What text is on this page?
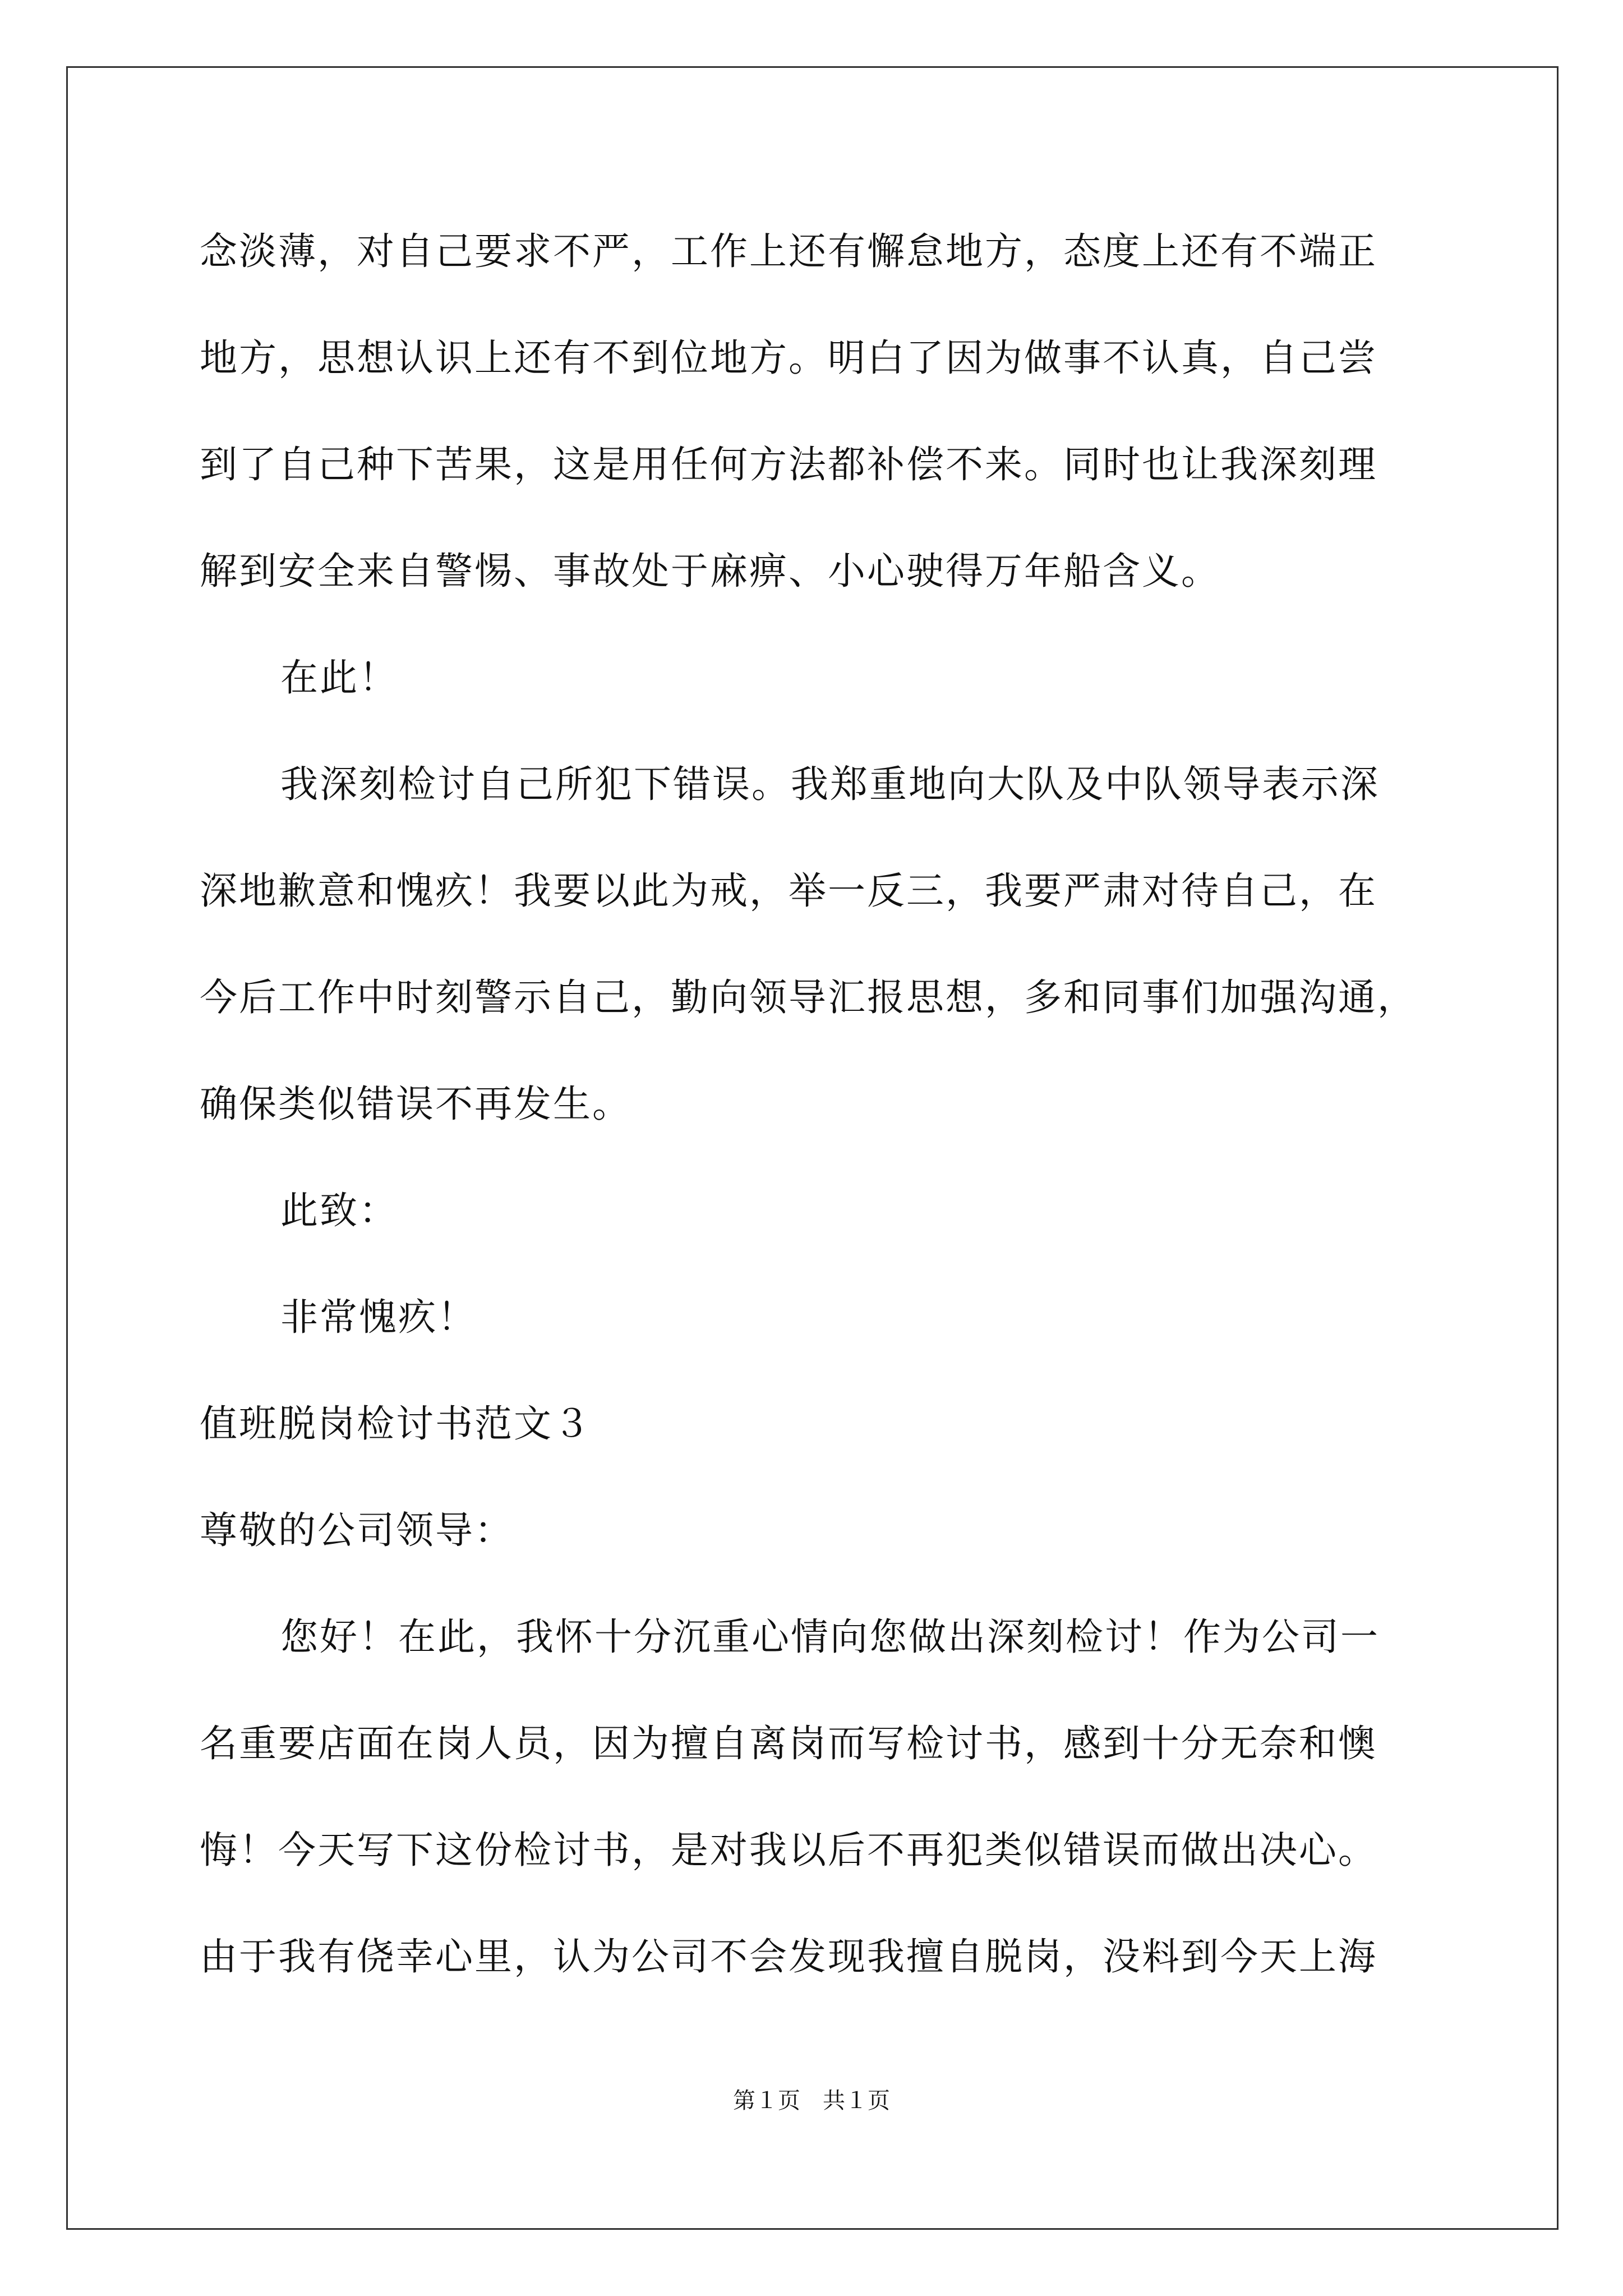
念淡薄，对自己要求不严，工作上还有懈怠地方，态度上还有不端正
地方，思想认识上还有不到位地方。明白了因为做事不认真，自己尝
到了自己种下苦果，这是用任何方法都补偿不来。同时也让我深刻理
解到安全来自警惕、事故处于麻痹、小心驶得万年船含义。
在此！
我深刻检讨自己所犯下错误。我郑重地向大队及中队领导表示深
深地歉意和愧疚！我要以此为戒，举一反三，我要严肃对待自己，在
今后工作中时刻警示自己，勤向领导汇报思想，多和同事们加强沟通，
确保类似错误不再发生。
此致：
非常愧疚！
值班脱岗检讨书范文３
尊敬的公司领导：
您好！在此，我怀十分沉重心情向您做出深刻检讨！作为公司一
名重要店面在岗人员，因为擅自离岗而写检讨书，感到十分无奈和懊
悔！今天写下这份检讨书，是对我以后不再犯类似错误而做出决心。
由于我有侥幸心里，认为公司不会发现我擅自脱岗，没料到今天上海
第１页　共１页
